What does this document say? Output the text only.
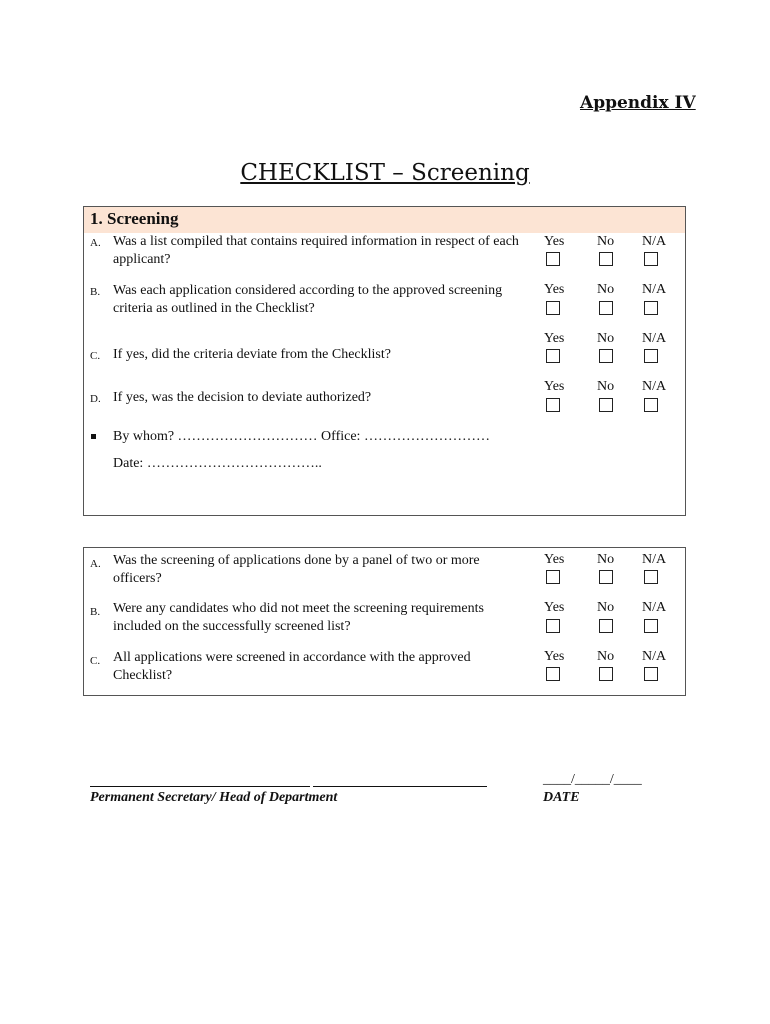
Appendix IV
CHECKLIST – Screening
1. Screening
A. Was a list compiled that contains required information in respect of each applicant?
Yes No N/A
B. Was each application considered according to the approved screening criteria as outlined in the Checklist?
Yes No N/A
C. If yes, did the criteria deviate from the Checklist?
Yes No N/A
D. If yes, was the decision to deviate authorized?
Yes No N/A
By whom? ………………………… Office: ………………………
Date: ………………………………..
A. Was the screening of applications done by a panel of two or more officers?
Yes No N/A
B. Were any candidates who did not meet the screening requirements included on the successfully screened list?
Yes No N/A
C. All applications were screened in accordance with the approved Checklist?
Yes No N/A
Permanent Secretary/ Head of Department
____/_____/____
DATE
